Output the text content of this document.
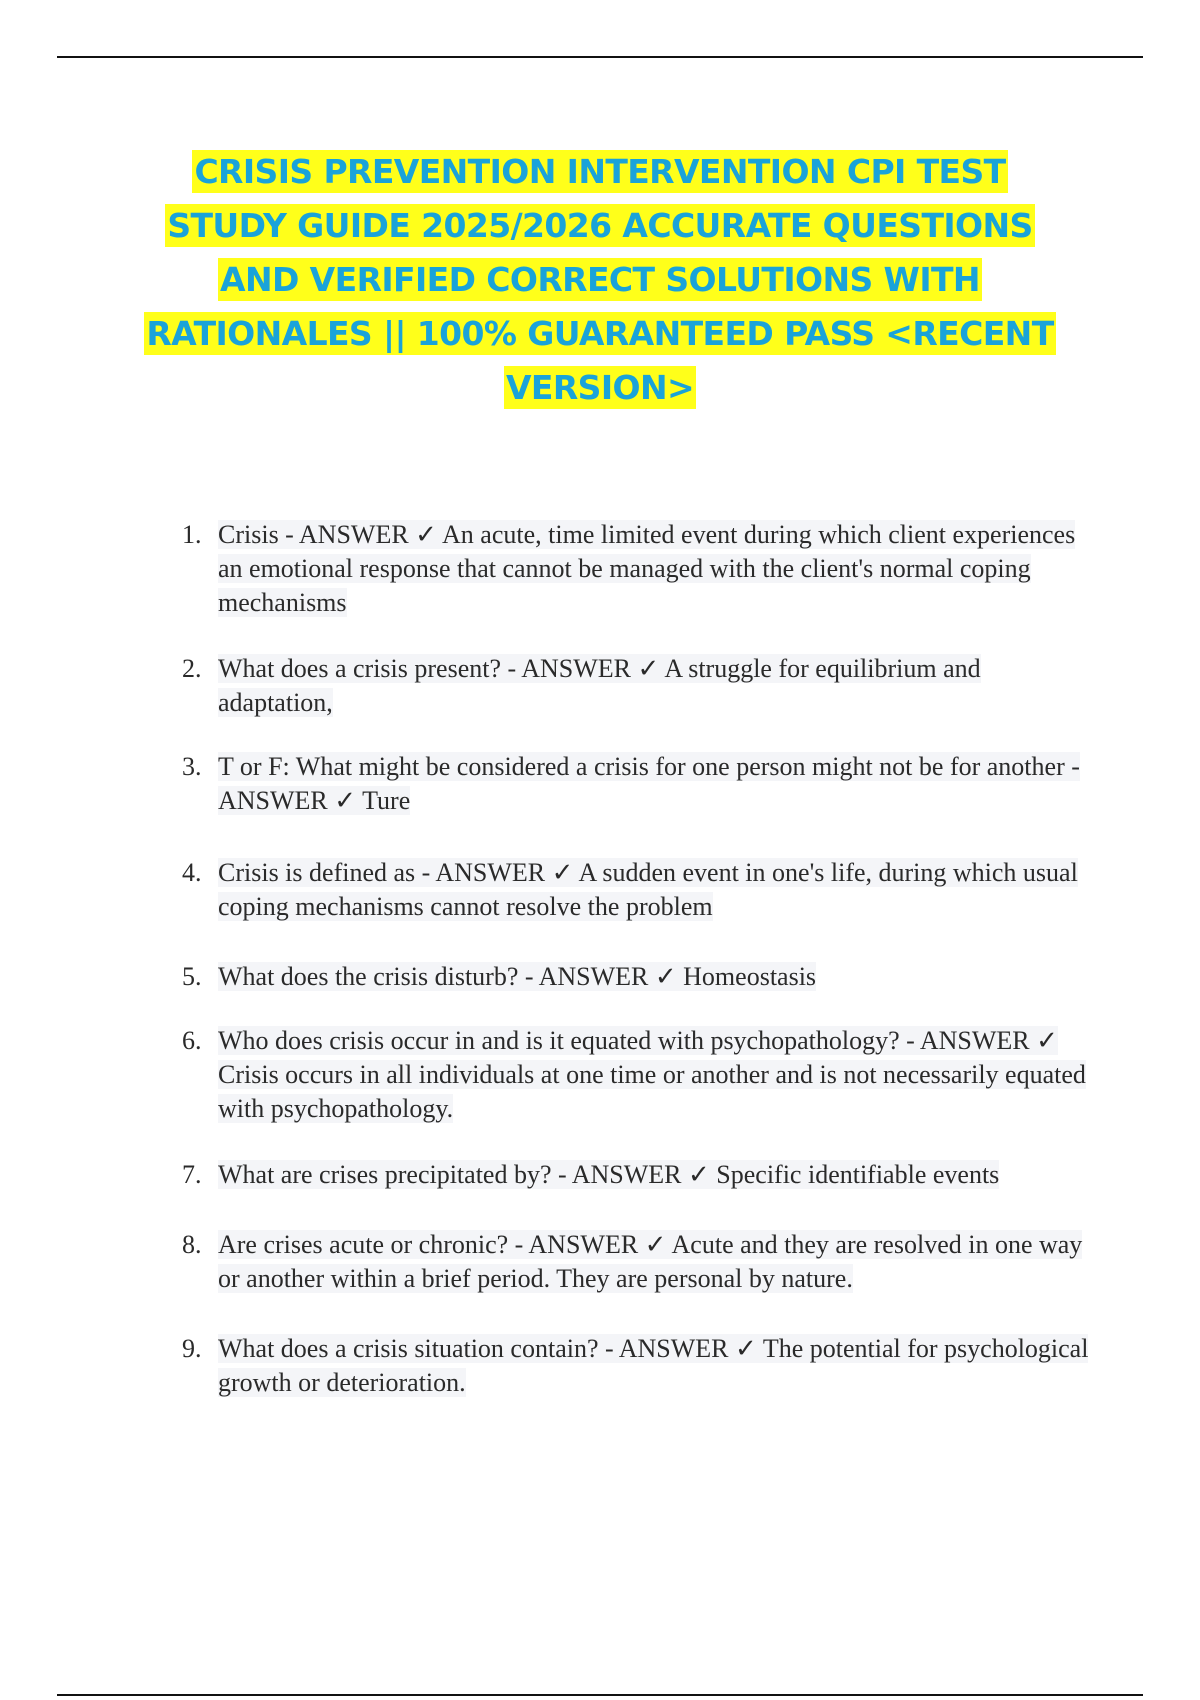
CRISIS PREVENTION INTERVENTION CPI TEST STUDY GUIDE 2025/2026 ACCURATE QUESTIONS AND VERIFIED CORRECT SOLUTIONS WITH RATIONALES || 100% GUARANTEED PASS <RECENT VERSION>
1. Crisis - ANSWER ✓ An acute, time limited event during which client experiences an emotional response that cannot be managed with the client's normal coping mechanisms
2. What does a crisis present? - ANSWER ✓ A struggle for equilibrium and adaptation,
3. T or F: What might be considered a crisis for one person might not be for another - ANSWER ✓ Ture
4. Crisis is defined as - ANSWER ✓ A sudden event in one's life, during which usual coping mechanisms cannot resolve the problem
5. What does the crisis disturb? - ANSWER ✓ Homeostasis
6. Who does crisis occur in and is it equated with psychopathology? - ANSWER ✓ Crisis occurs in all individuals at one time or another and is not necessarily equated with psychopathology.
7. What are crises precipitated by? - ANSWER ✓ Specific identifiable events
8. Are crises acute or chronic? - ANSWER ✓ Acute and they are resolved in one way or another within a brief period. They are personal by nature.
9. What does a crisis situation contain? - ANSWER ✓ The potential for psychological growth or deterioration.
